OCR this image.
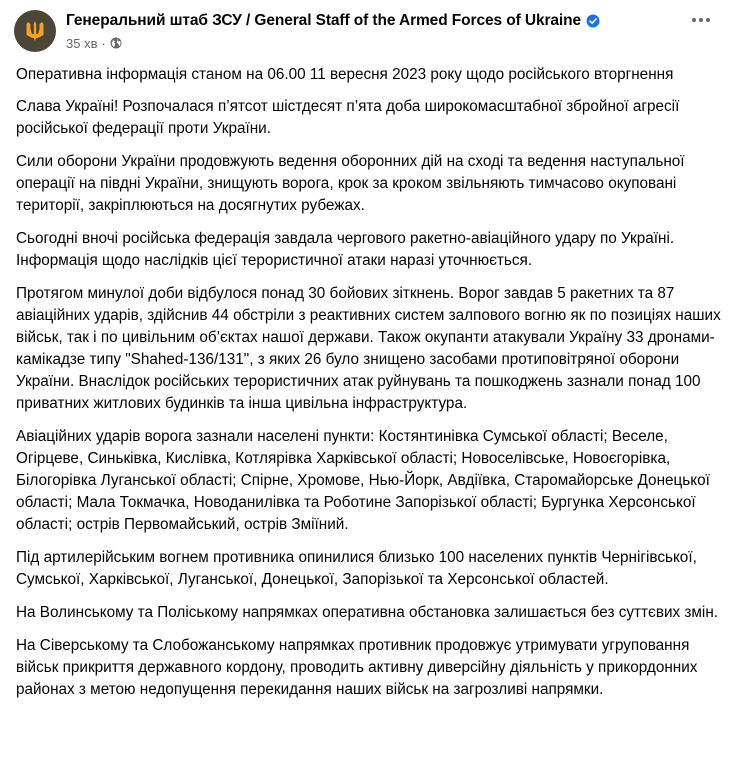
Генеральний штаб ЗСУ / General Staff of the Armed Forces of Ukraine
35 хв ·

Оперативна інформація станом на 06.00 11 вересня 2023 року щодо російського вторгнення

Слава Україні! Розпочалася п’ятсот шістдесят п’ята доба широкомасштабної збройної агресії російської федерації проти України.

Сили оборони України продовжують ведення оборонних дій на сході та ведення наступальної операції на півдні України, знищують ворога, крок за кроком звільняють тимчасово окуповані території, закріплюються на досягнутих рубежах.

Сьогодні вночі російська федерація завдала чергового ракетно-авіаційного удару по Україні. Інформація щодо наслідків цієї терористичної атаки наразі уточнюється.

Протягом минулої доби відбулося понад 30 бойових зіткнень. Ворог завдав 5 ракетних та 87 авіаційних ударів, здійснив 44 обстріли з реактивних систем залпового вогню як по позиціях наших військ, так і по цивільним об’єктах нашої держави. Також окупанти атакували Україну 33 дронами-камікадзе типу "Shahed-136/131", з яких 26 було знищено засобами протиповітряної оборони України. Внаслідок російських терористичних атак руйнувань та пошкоджень зазнали понад 100 приватних житлових будинків та інша цивільна інфраструктура.

Авіаційних ударів ворога зазнали населені пункти: Костянтинівка Сумської області; Веселе, Огірцеве, Синьківка, Кислівка, Котлярівка Харківської області; Новоселівське, Новоєгорівка, Білогорівка Луганської області; Спірне, Хромове, Нью-Йорк, Авдіївка, Старомайорське Донецької області; Мала Токмачка, Новоданилівка та Роботине Запорізької області; Бургунка Херсонської області; острів Первомайський, острів Зміїний.

Під артилерійським вогнем противника опинилися близько 100 населених пунктів Чернігівської, Сумської, Харківської, Луганської, Донецької, Запорізької та Херсонської областей.

На Волинському та Поліському напрямках оперативна обстановка залишається без суттєвих змін.

На Сіверському та Слобожанському напрямках противник продовжує утримувати угруповання військ прикриття державного кордону, проводить активну диверсійну діяльність у прикордонних районах з метою недопущення перекидання наших військ на загрозливі напрямки.
